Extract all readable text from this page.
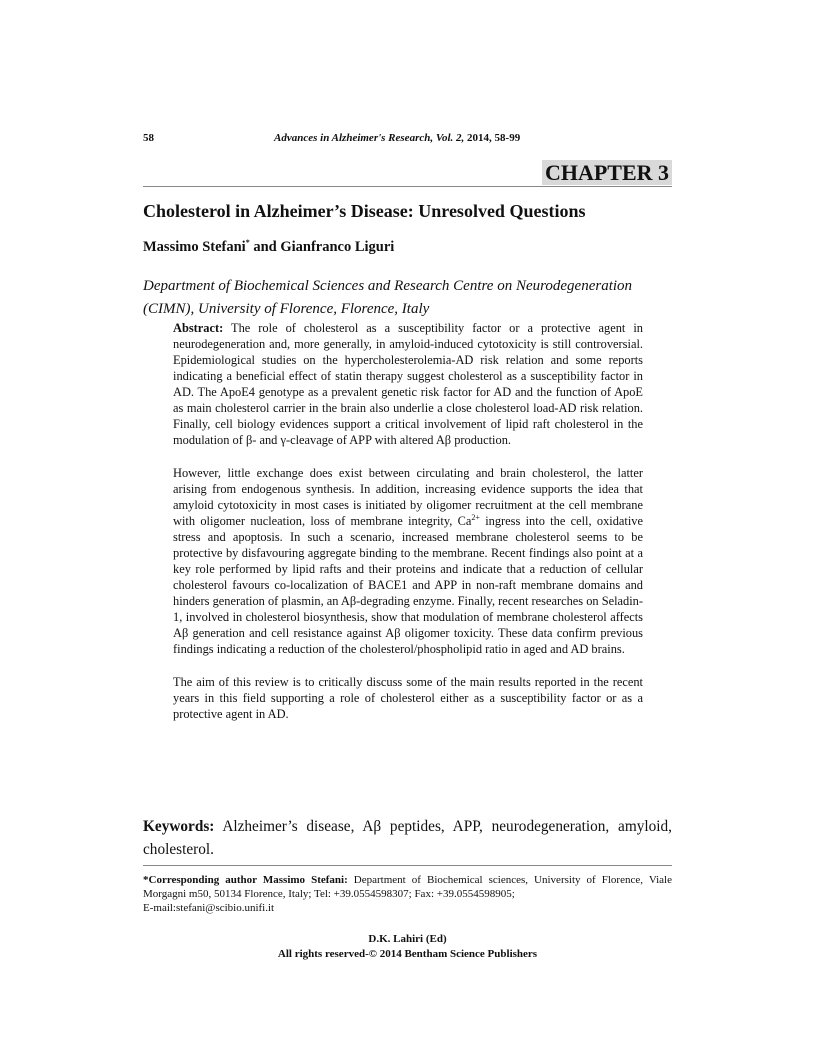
58	Advances in Alzheimer's Research, Vol. 2, 2014, 58-99
CHAPTER 3
Cholesterol in Alzheimer’s Disease: Unresolved Questions
Massimo Stefani* and Gianfranco Liguri
Department of Biochemical Sciences and Research Centre on Neurodegeneration (CIMN), University of Florence, Florence, Italy

Abstract: The role of cholesterol as a susceptibility factor or a protective agent in neurodegeneration and, more generally, in amyloid-induced cytotoxicity is still controversial. Epidemiological studies on the hypercholesterolemia-AD risk relation and some reports indicating a beneficial effect of statin therapy suggest cholesterol as a susceptibility factor in AD. The ApoE4 genotype as a prevalent genetic risk factor for AD and the function of ApoE as main cholesterol carrier in the brain also underlie a close cholesterol load-AD risk relation. Finally, cell biology evidences support a critical involvement of lipid raft cholesterol in the modulation of β- and γ-cleavage of APP with altered Aβ production.

However, little exchange does exist between circulating and brain cholesterol, the latter arising from endogenous synthesis. In addition, increasing evidence supports the idea that amyloid cytotoxicity in most cases is initiated by oligomer recruitment at the cell membrane with oligomer nucleation, loss of membrane integrity, $Ca^{2+}$ ingress into the cell, oxidative stress and apoptosis. In such a scenario, increased membrane cholesterol seems to be protective by disfavouring aggregate binding to the membrane. Recent findings also point at a key role performed by lipid rafts and their proteins and indicate that a reduction of cellular cholesterol favours co-localization of BACE1 and APP in non-raft membrane domains and hinders generation of plasmin, an Aβ-degrading enzyme. Finally, recent researches on Seladin-1, involved in cholesterol biosynthesis, show that modulation of membrane cholesterol affects Aβ generation and cell resistance against Aβ oligomer toxicity. These data confirm previous findings indicating a reduction of the cholesterol/phospholipid ratio in aged and AD brains.

The aim of this review is to critically discuss some of the main results reported in the recent years in this field supporting a role of cholesterol either as a susceptibility factor or as a protective agent in AD.

Keywords: Alzheimer’s disease, Aβ peptides, APP, neurodegeneration, amyloid, cholesterol.
*Corresponding author Massimo Stefani: Department of Biochemical sciences, University of Florence, Viale Morgagni m50, 50134 Florence, Italy; Tel: +39.0554598307; Fax: +39.0554598905;
E-mail:stefani@scibio.unifi.it
D.K. Lahiri (Ed)
All rights reserved-© 2014 Bentham Science Publishers
